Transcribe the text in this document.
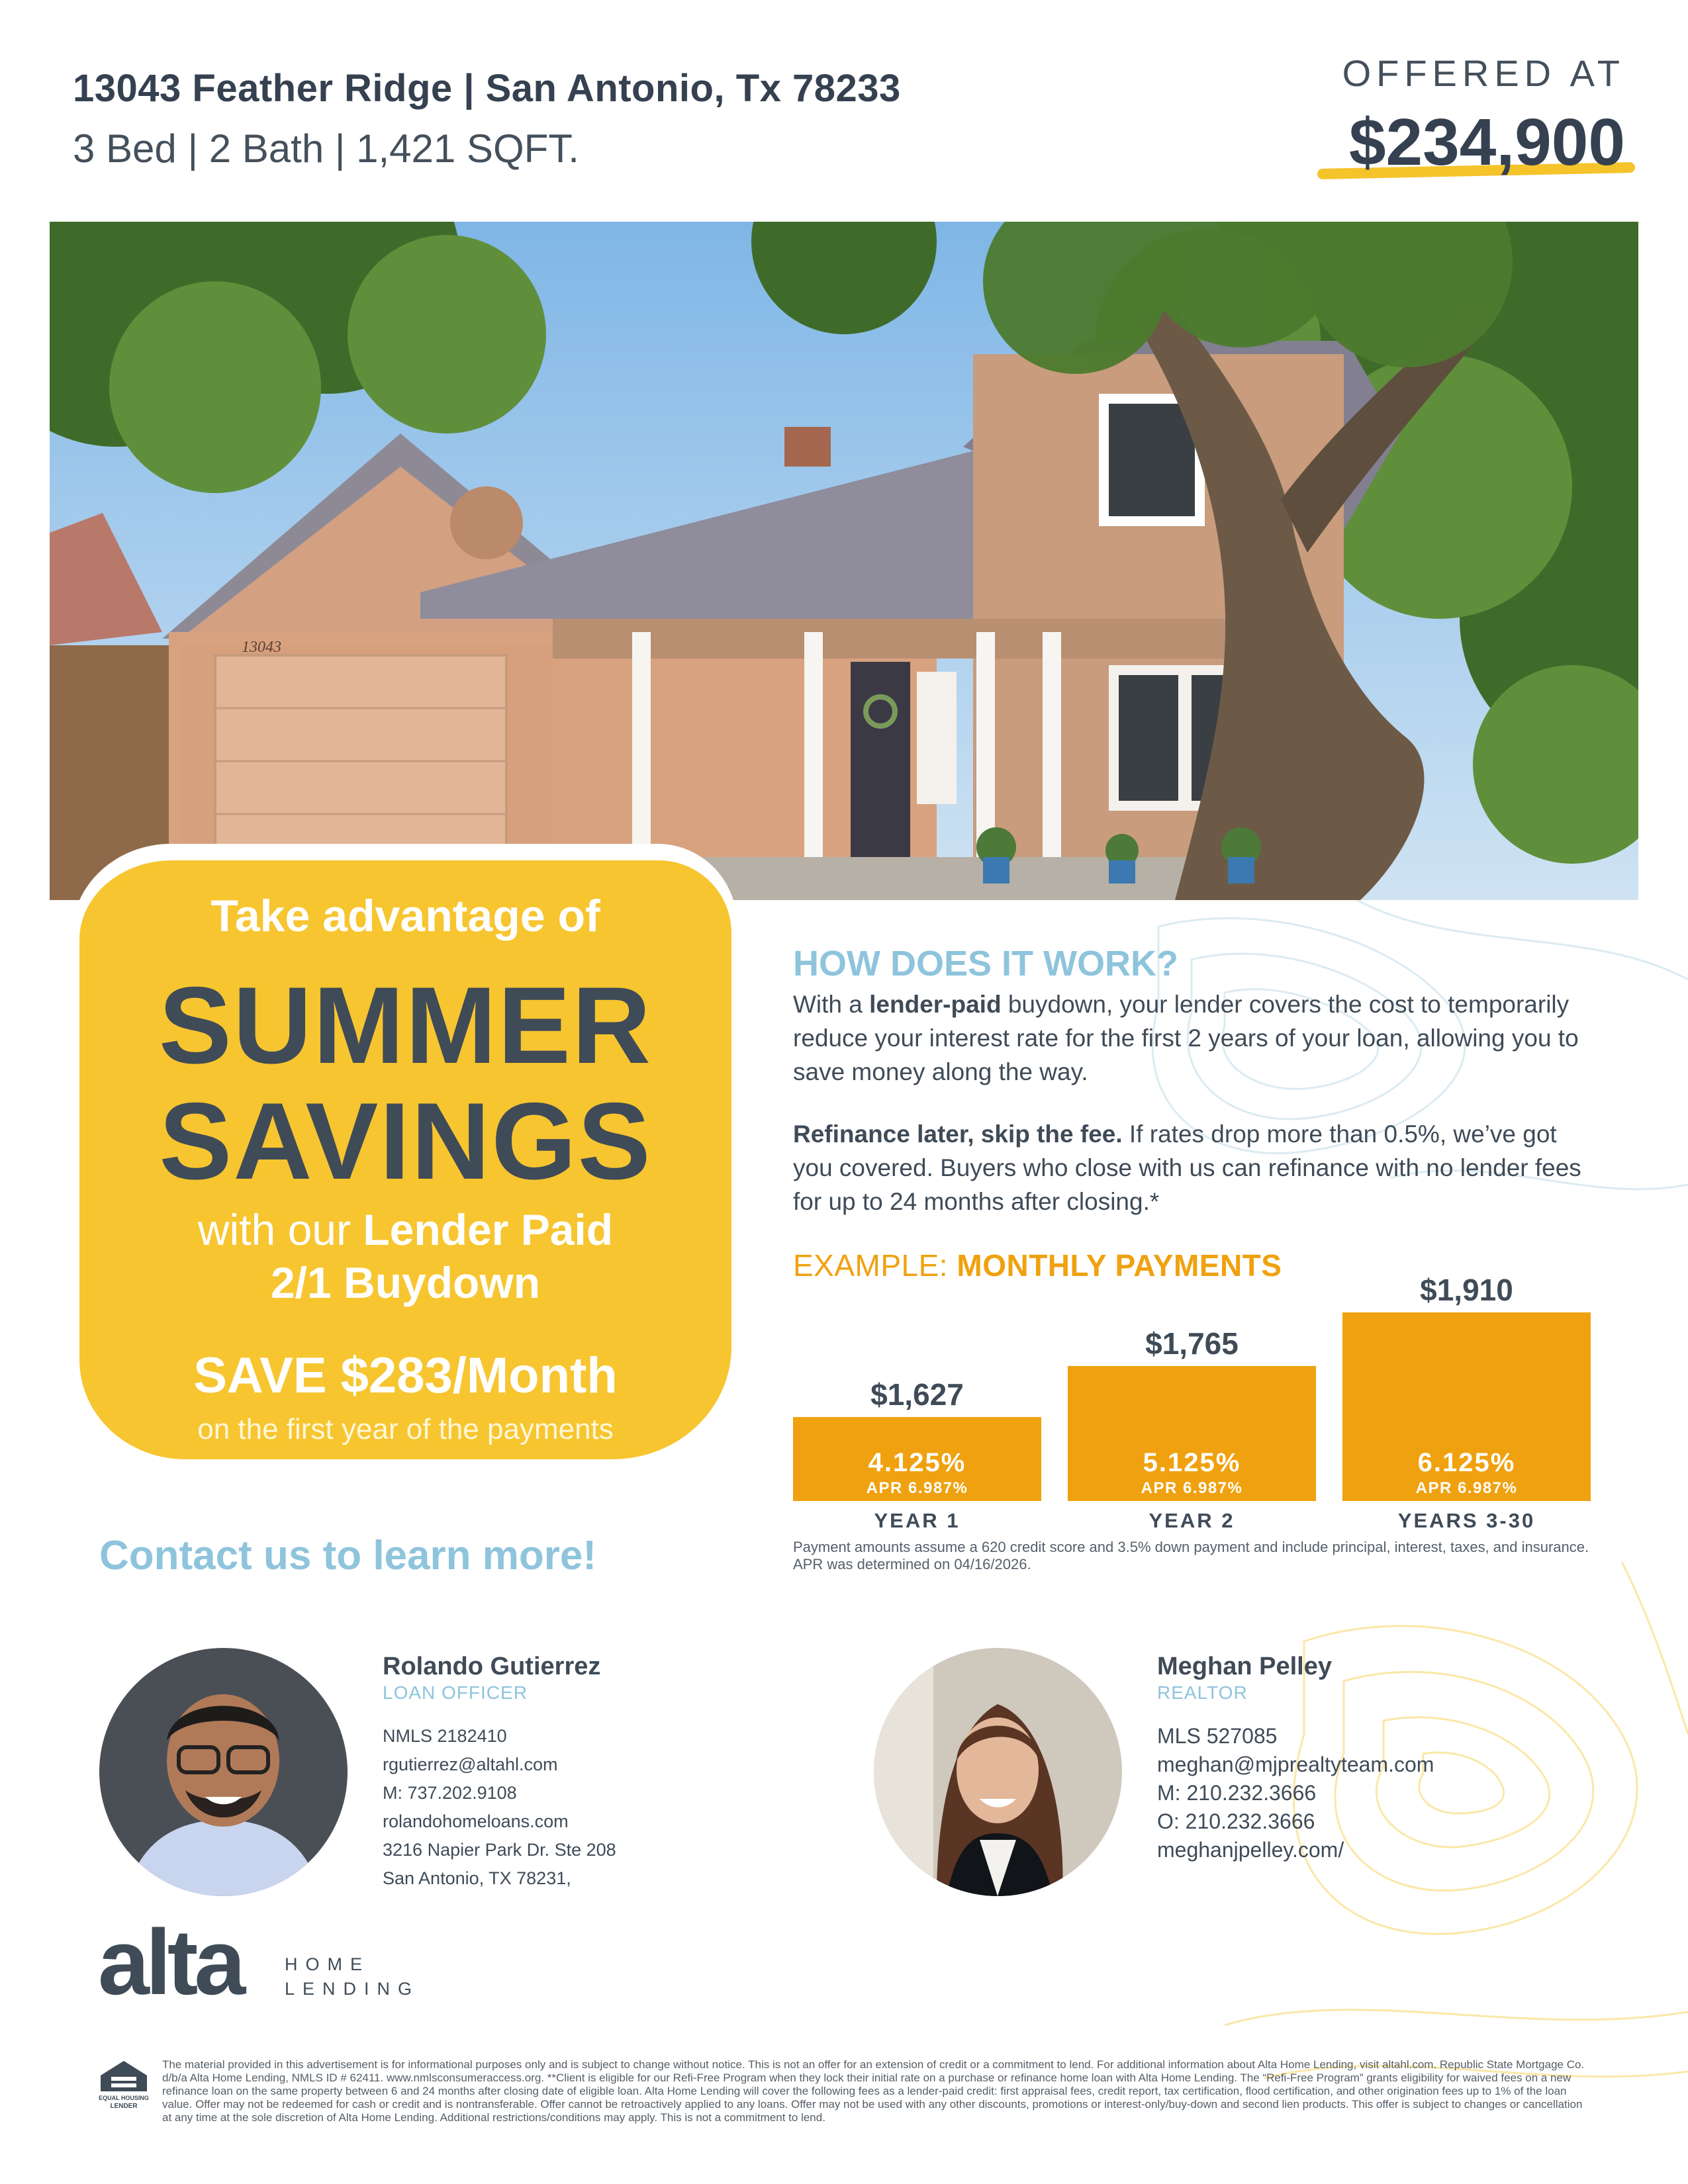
13043 Feather Ridge | San Antonio, Tx 78233
3 Bed | 2 Bath | 1,421 SQFT.
OFFERED AT
$234,900
13043
Take advantage of
SUMMER
SAVINGS
with our Lender Paid
2/1 Buydown
SAVE $283/Month
on the first year of the payments
Contact us to learn more!
HOW DOES IT WORK?
With a lender-paid buydown, your lender covers the cost to temporarily reduce your interest rate for the first 2 years of your loan, allowing you to save money along the way.
Refinance later, skip the fee. If rates drop more than 0.5%, we’ve got you covered. Buyers who close with us can refinance with no lender fees for up to 24 months after closing.*
EXAMPLE: MONTHLY PAYMENTS
$1,627
4.125%
APR 6.987%
YEAR 1
$1,765
5.125%
APR 6.987%
YEAR 2
$1,910
6.125%
APR 6.987%
YEARS 3-30
Payment amounts assume a 620 credit score and 3.5% down payment and include principal, interest, taxes, and insurance. APR was determined on 04/16/2026.
Rolando Gutierrez
LOAN OFFICER
NMLS 2182410
rgutierrez@altahl.com
M: 737.202.9108
rolandohomeloans.com
3216 Napier Park Dr. Ste 208
San Antonio, TX 78231,
Meghan Pelley
REALTOR
MLS 527085
meghan@mjprealtyteam.com
M: 210.232.3666
O: 210.232.3666
meghanjpelley.com/
alta HOME
LENDING
EQUAL HOUSING
LENDER
The material provided in this advertisement is for informational purposes only and is subject to change without notice. This is not an offer for an extension of credit or a commitment to lend. For additional information about Alta Home Lending, visit altahl.com. Republic State Mortgage Co. d/b/a Alta Home Lending, NMLS ID # 62411. www.nmlsconsumeraccess.org. **Client is eligible for our Refi-Free Program when they lock their initial rate on a purchase or refinance home loan with Alta Home Lending. The “Refi-Free Program” grants eligibility for waived fees on a new refinance loan on the same property between 6 and 24 months after closing date of eligible loan. Alta Home Lending will cover the following fees as a lender-paid credit: first appraisal fees, credit report, tax certification, flood certification, and other origination fees up to 1% of the loan value. Offer may not be redeemed for cash or credit and is nontransferable. Offer cannot be retroactively applied to any loans. Offer may not be used with any other discounts, promotions or interest-only/buy-down and second lien products. This offer is subject to changes or cancellation at any time at the sole discretion of Alta Home Lending. Additional restrictions/conditions may apply. This is not a commitment to lend.
